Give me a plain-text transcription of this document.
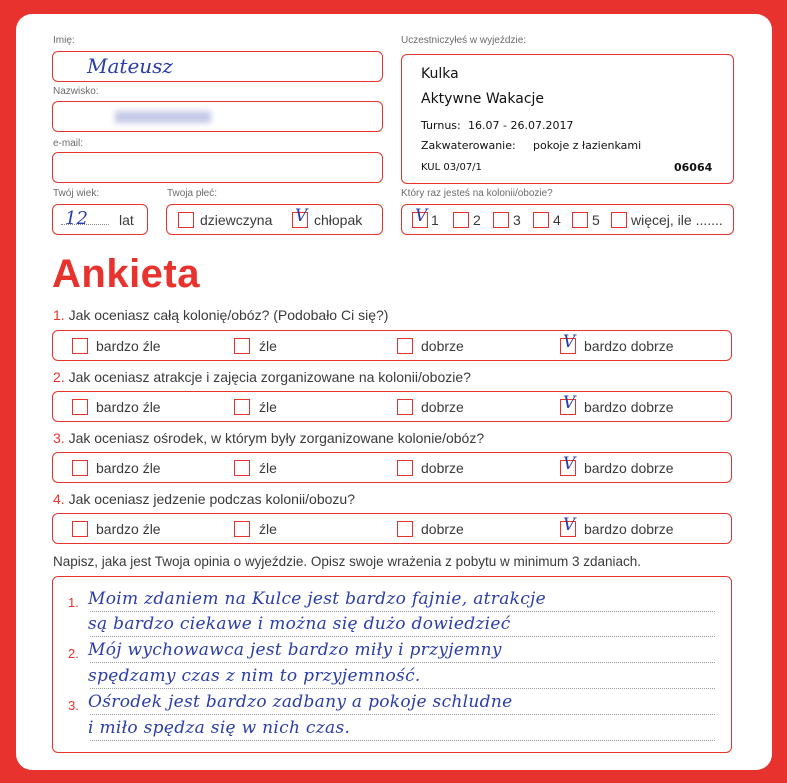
Imię:
Mateusz
Nazwisko:
e-mail:
Twój wiek:
12 lat
Twoja płeć:
dziewczyna V chłopak
Uczestniczyłeś w wyjeździe:
Kulka
Aktywne Wakacje
Turnus: 16.07 - 26.07.2017
Zakwaterowanie: pokoje z łazienkami
KUL 03/07/1	06064
Który raz jesteś na kolonii/obozie?
V 1 2 3 4 5 więcej, ile .......
Ankieta
1. Jak oceniasz całą kolonię/obóz? (Podobało Ci się?)
bardzo źle	źle	dobrze	V bardzo dobrze
2. Jak oceniasz atrakcje i zajęcia zorganizowane na kolonii/obozie?
bardzo źle	źle	dobrze	V bardzo dobrze
3. Jak oceniasz ośrodek, w którym były zorganizowane kolonie/obóz?
bardzo źle	źle	dobrze	V bardzo dobrze
4. Jak oceniasz jedzenie podczas kolonii/obozu?
bardzo źle	źle	dobrze	V bardzo dobrze
Napisz, jaka jest Twoja opinia o wyjeździe. Opisz swoje wrażenia z pobytu w minimum 3 zdaniach.
1.
2.
3.
Moim zdaniem na Kulce jest bardzo fajnie, atrakcje
są bardzo ciekawe i można się dużo dowiedzieć
Mój wychowawca jest bardzo miły i przyjemny
spędzamy czas z nim to przyjemność.
Ośrodek jest bardzo zadbany a pokoje schludne
i miło spędza się w nich czas.
